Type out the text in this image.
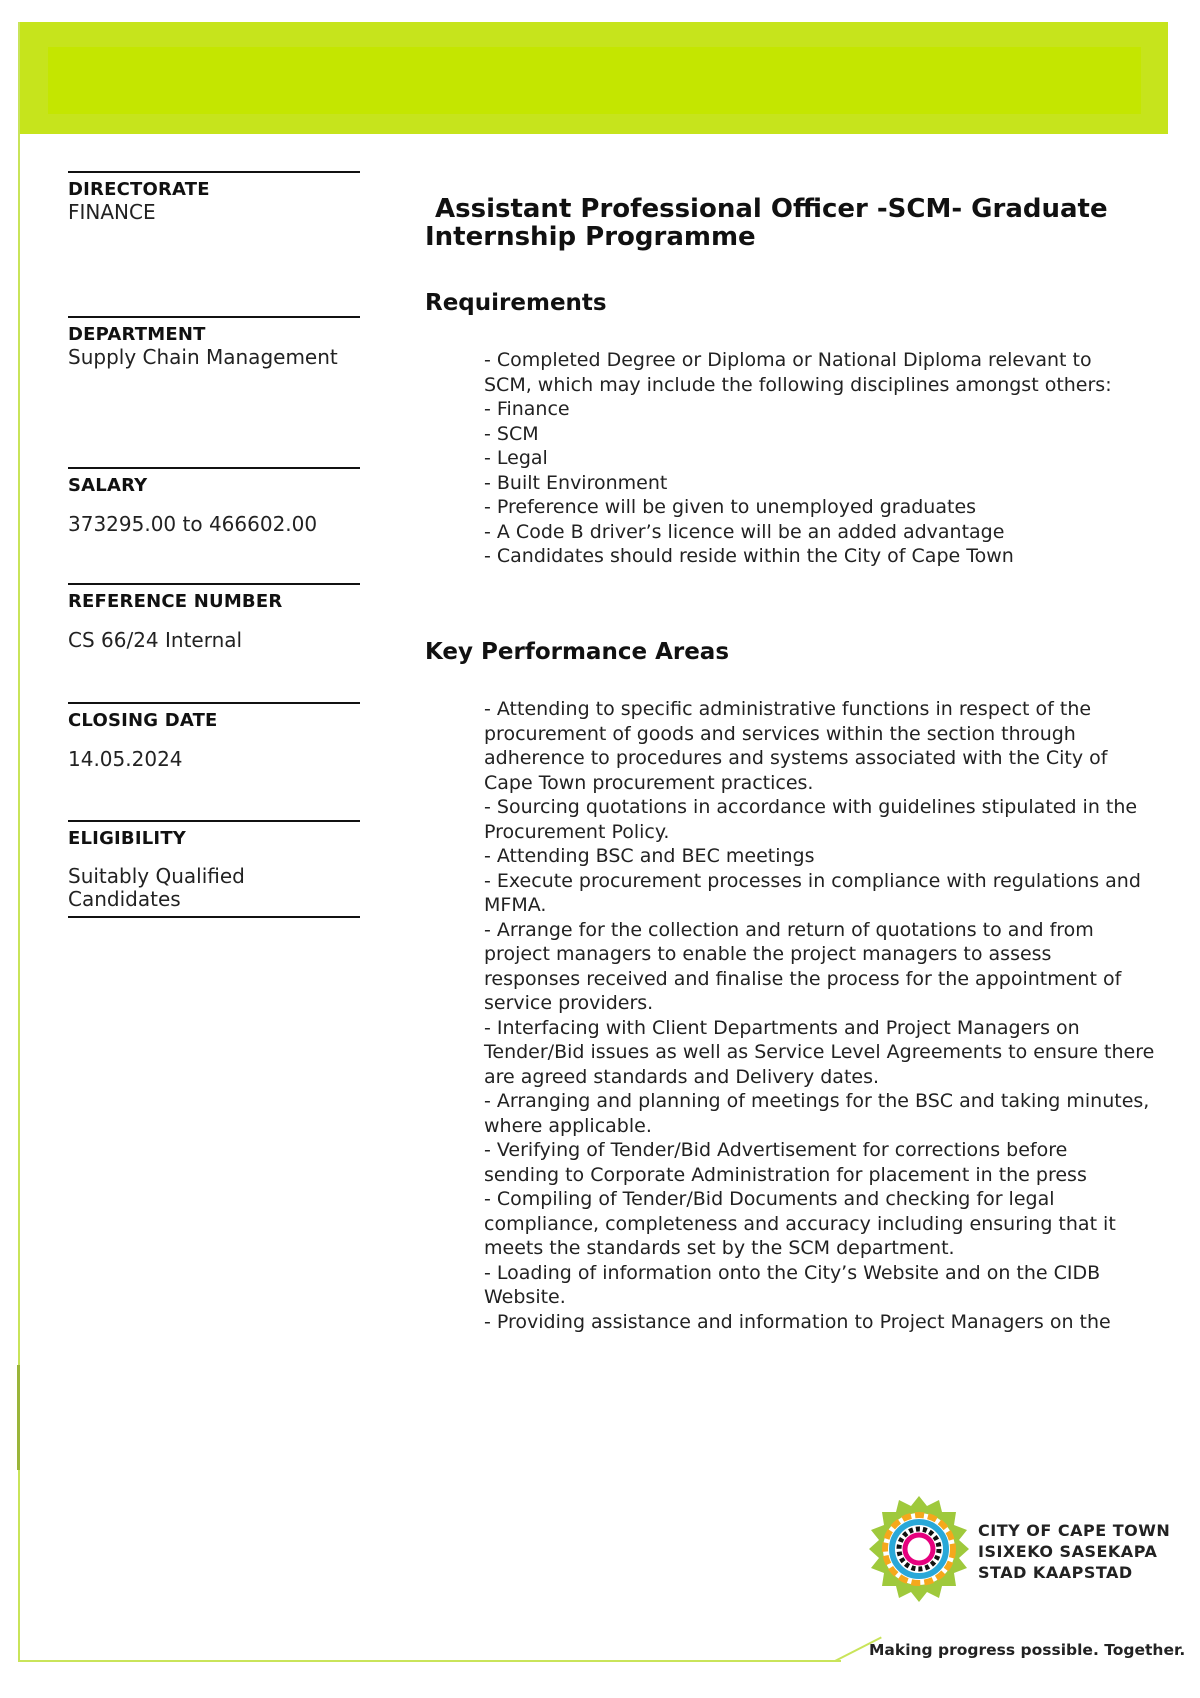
DIRECTORATE
FINANCE
DEPARTMENT
Supply Chain Management
SALARY
373295.00 to 466602.00
REFERENCE NUMBER
CS 66/24 Internal
CLOSING DATE
14.05.2024
ELIGIBILITY
Suitably Qualified
Candidates
Assistant Professional Officer -SCM- Graduate
Internship Programme
Requirements
- Completed Degree or Diploma or National Diploma relevant to
SCM, which may include the following disciplines amongst others:
- Finance
- SCM
- Legal
- Built Environment
- Preference will be given to unemployed graduates
- A Code B driver’s licence will be an added advantage
- Candidates should reside within the City of Cape Town
Key Performance Areas
- Attending to specific administrative functions in respect of the
procurement of goods and services within the section through
adherence to procedures and systems associated with the City of
Cape Town procurement practices.
- Sourcing quotations in accordance with guidelines stipulated in the
Procurement Policy.
- Attending BSC and BEC meetings
- Execute procurement processes in compliance with regulations and
MFMA.
- Arrange for the collection and return of quotations to and from
project managers to enable the project managers to assess
responses received and finalise the process for the appointment of
service providers.
- Interfacing with Client Departments and Project Managers on
Tender/Bid issues as well as Service Level Agreements to ensure there
are agreed standards and Delivery dates.
- Arranging and planning of meetings for the BSC and taking minutes,
where applicable.
- Verifying of Tender/Bid Advertisement for corrections before
sending to Corporate Administration for placement in the press
- Compiling of Tender/Bid Documents and checking for legal
compliance, completeness and accuracy including ensuring that it
meets the standards set by the SCM department.
- Loading of information onto the City’s Website and on the CIDB
Website.
- Providing assistance and information to Project Managers on the
CITY OF CAPE TOWN
ISIXEKO SASEKAPA
STAD KAAPSTAD
Making progress possible. Together.
